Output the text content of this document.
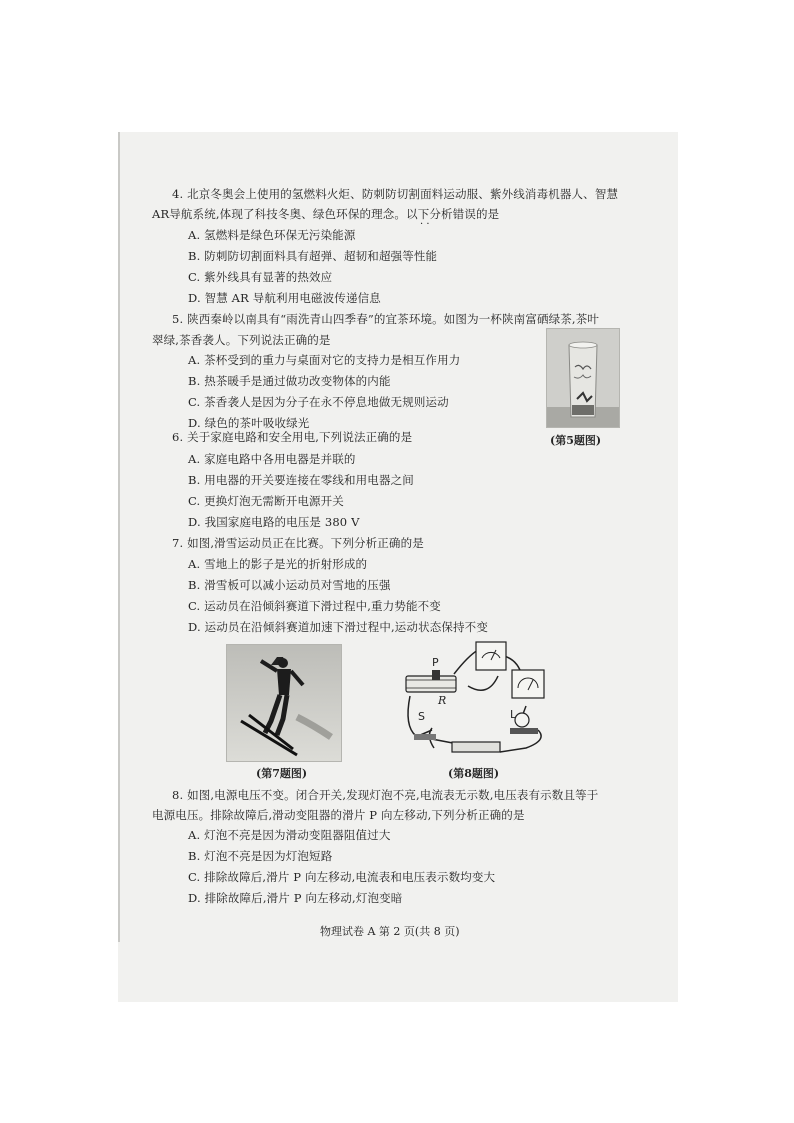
4. 北京冬奥会上使用的氢燃料火炬、防刺防切割面料运动服、紫外线消毒机器人、智慧
AR导航系统,体现了科技冬奥、绿色环保的理念。以下分析错误的是
· ·
A. 氢燃料是绿色环保无污染能源
B. 防刺防切割面料具有超弹、超韧和超强等性能
C. 紫外线具有显著的热效应
D. 智慧 AR 导航利用电磁波传递信息
5. 陕西秦岭以南具有“雨洗青山四季春”的宜茶环境。如图为一杯陕南富硒绿茶,茶叶
翠绿,茶香袭人。下列说法正确的是
A. 茶杯受到的重力与桌面对它的支持力是相互作用力
B. 热茶暖手是通过做功改变物体的内能
C. 茶香袭人是因为分子在永不停息地做无规则运动
D. 绿色的茶叶吸收绿光
(第5题图)
6. 关于家庭电路和安全用电,下列说法正确的是
A. 家庭电路中各用电器是并联的
B. 用电器的开关要连接在零线和用电器之间
C. 更换灯泡无需断开电源开关
D. 我国家庭电路的电压是 380 V
7. 如图,滑雪运动员正在比赛。下列分析正确的是
A. 雪地上的影子是光的折射形成的
B. 滑雪板可以减小运动员对雪地的压强
C. 运动员在沿倾斜赛道下滑过程中,重力势能不变
D. 运动员在沿倾斜赛道加速下滑过程中,运动状态保持不变
(第7题图)
P
R
S	L
(第8题图)
8. 如图,电源电压不变。闭合开关,发现灯泡不亮,电流表无示数,电压表有示数且等于
电源电压。排除故障后,滑动变阻器的滑片 P 向左移动,下列分析正确的是
A. 灯泡不亮是因为滑动变阻器阻值过大
B. 灯泡不亮是因为灯泡短路
C. 排除故障后,滑片 P 向左移动,电流表和电压表示数均变大
D. 排除故障后,滑片 P 向左移动,灯泡变暗
物理试卷 A 第 2 页(共 8 页)
